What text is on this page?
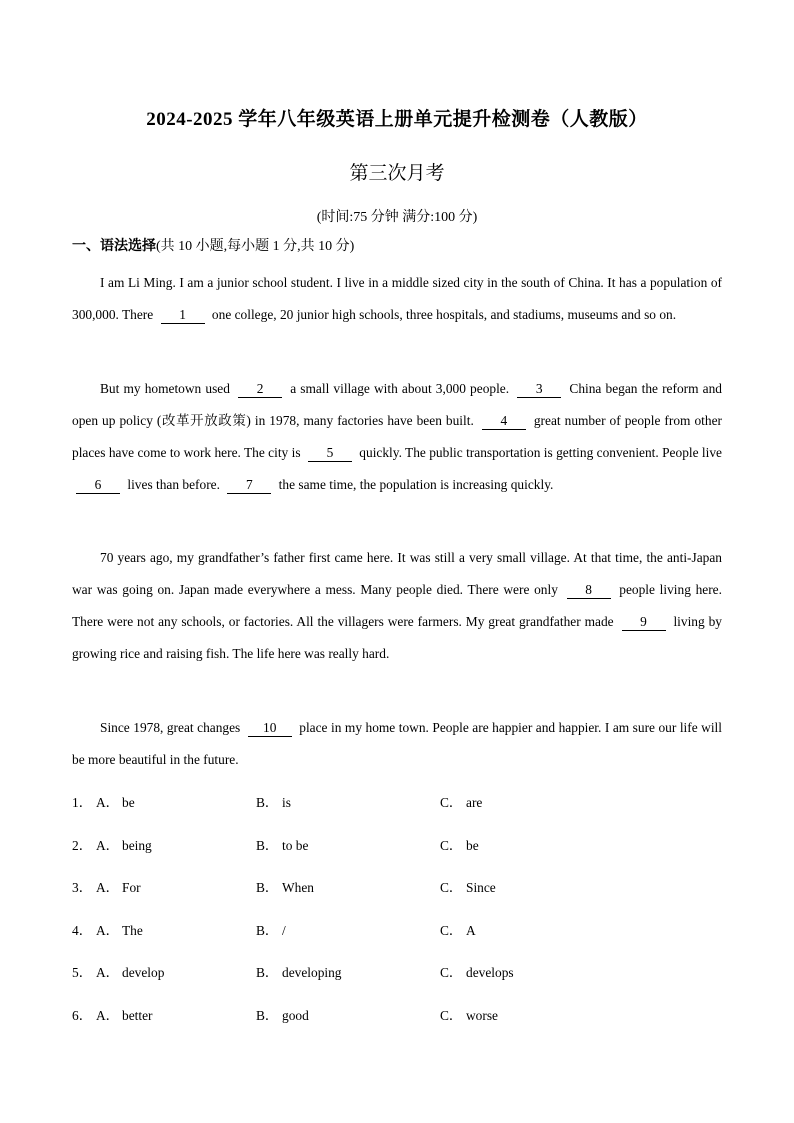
2024-2025 学年八年级英语上册单元提升检测卷（人教版）
第三次月考
(时间:75 分钟 满分:100 分)
一、语法选择(共 10 小题,每小题 1 分,共 10 分)
I am Li Ming. I am a junior school student. I live in a middle sized city in the south of China. It has a population of 300,000. There 1 one college, 20 junior high schools, three hospitals, and stadiums, museums and so on.
But my hometown used 2 a small village with about 3,000 people. 3 China began the reform and open up policy (改革开放政策) in 1978, many factories have been built. 4 great number of people from other places have come to work here. The city is 5 quickly. The public transportation is getting convenient. People live 6 lives than before. 7 the same time, the population is increasing quickly.
70 years ago, my grandfather’s father first came here. It was still a very small village. At that time, the anti-Japan war was going on. Japan made everywhere a mess. Many people died. There were only 8 people living here. There were not any schools, or factories. All the villagers were farmers. My great grandfather made 9 living by growing rice and raising fish. The life here was really hard.
Since 1978, great changes 10 place in my home town. People are happier and happier. I am sure our life will be more beautiful in the future.
1． A． be	B． is	C． are
2． A． being	B． to be	C． be
3． A． For	B． When	C． Since
4． A． The	B． /	C． A
5． A． develop	B． developing	C． develops
6． A． better	B． good	C． worse
